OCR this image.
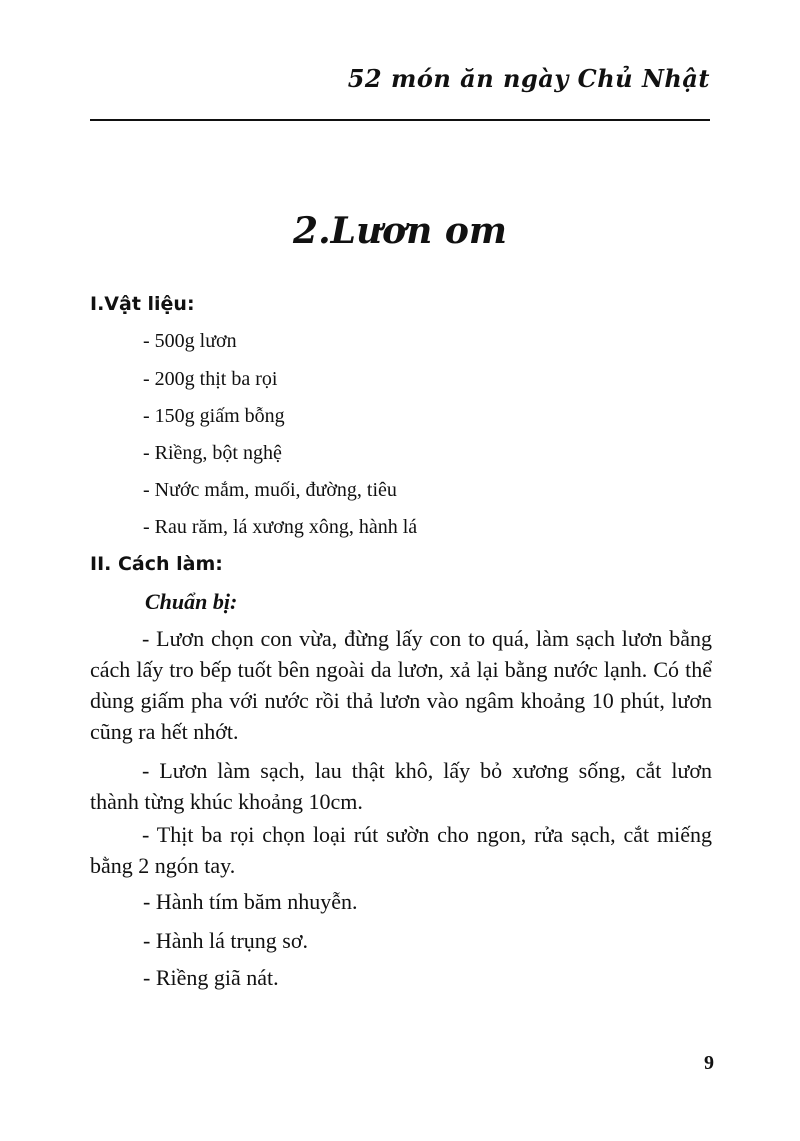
52 món ăn ngày Chủ Nhật
2.Lươn om
I.Vật liệu:
- 500g lươn
- 200g thịt ba rọi
- 150g giấm bỗng
- Riềng, bột nghệ
- Nước mắm, muối, đường, tiêu
- Rau răm, lá xương xông, hành lá
II. Cách làm:
Chuẩn bị:

- Lươn chọn con vừa, đừng lấy con to quá, làm sạch lươn bằng cách lấy tro bếp tuốt bên ngoài da lươn, xả lại bằng nước lạnh. Có thể dùng giấm pha với nước rồi thả lươn vào ngâm khoảng 10 phút, lươn cũng ra hết nhớt.

- Lươn làm sạch, lau thật khô, lấy bỏ xương sống, cắt lươn thành từng khúc khoảng 10cm.

- Thịt ba rọi chọn loại rút sườn cho ngon, rửa sạch, cắt miếng bằng 2 ngón tay.

- Hành tím băm nhuyễn.
- Hành lá trụng sơ.
- Riềng giã nát.
9
